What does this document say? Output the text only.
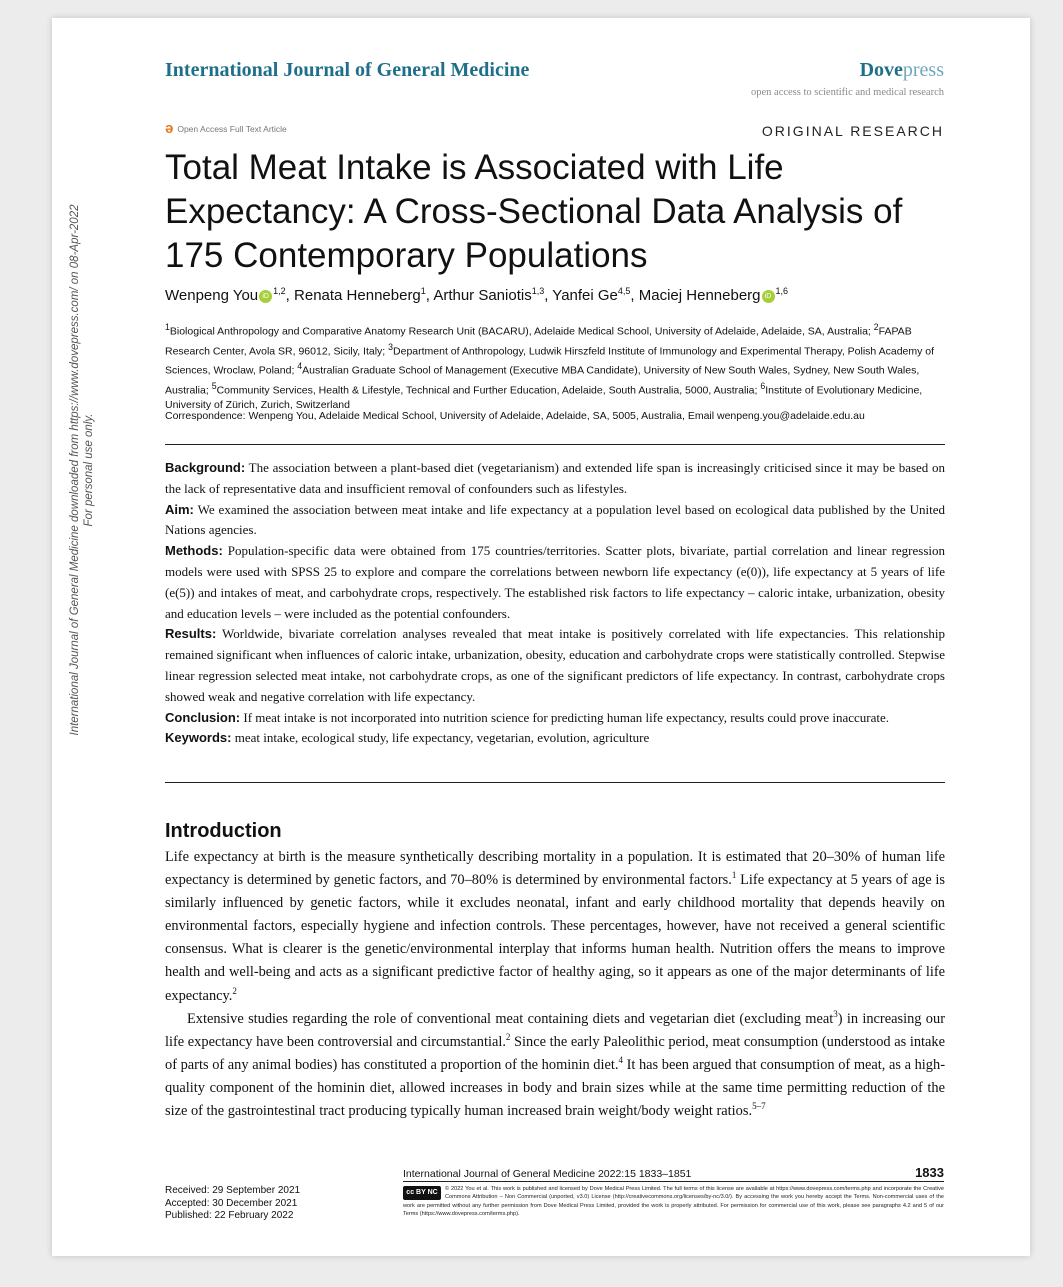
International Journal of General Medicine downloaded from https://www.dovepress.com/ on 08-Apr-2022 For personal use only.
International Journal of General Medicine	Dovepress
open access to scientific and medical research
ə Open Access Full Text Article	ORIGINAL RESEARCH
Total Meat Intake is Associated with Life Expectancy: A Cross-Sectional Data Analysis of 175 Contemporary Populations
Wenpeng You iD$^{1,2}$, Renata Henneberg$^1$, Arthur Saniotis$^{1,3}$, Yanfei Ge$^{4,5}$, Maciej Henneberg iD$^{1,6}$
$^1$Biological Anthropology and Comparative Anatomy Research Unit (BACARU), Adelaide Medical School, University of Adelaide, Adelaide, SA, Australia; $^2$FAPAB Research Center, Avola SR, 96012, Sicily, Italy; $^3$Department of Anthropology, Ludwik Hirszfeld Institute of Immunology and Experimental Therapy, Polish Academy of Sciences, Wroclaw, Poland; $^4$Australian Graduate School of Management (Executive MBA Candidate), University of New South Wales, Sydney, New South Wales, Australia; $^5$Community Services, Health & Lifestyle, Technical and Further Education, Adelaide, South Australia, 5000, Australia; $^6$Institute of Evolutionary Medicine, University of Zürich, Zurich, Switzerland
Correspondence: Wenpeng You, Adelaide Medical School, University of Adelaide, Adelaide, SA, 5005, Australia, Email wenpeng.you@adelaide.edu.au

Background: The association between a plant-based diet (vegetarianism) and extended life span is increasingly criticised since it may be based on the lack of representative data and insufficient removal of confounders such as lifestyles.

Aim: We examined the association between meat intake and life expectancy at a population level based on ecological data published by the United Nations agencies.

Methods: Population-specific data were obtained from 175 countries/territories. Scatter plots, bivariate, partial correlation and linear regression models were used with SPSS 25 to explore and compare the correlations between newborn life expectancy (e(0)), life expectancy at 5 years of life (e(5)) and intakes of meat, and carbohydrate crops, respectively. The established risk factors to life expectancy – caloric intake, urbanization, obesity and education levels – were included as the potential confounders.

Results: Worldwide, bivariate correlation analyses revealed that meat intake is positively correlated with life expectancies. This relationship remained significant when influences of caloric intake, urbanization, obesity, education and carbohydrate crops were statistically controlled. Stepwise linear regression selected meat intake, not carbohydrate crops, as one of the significant predictors of life expectancy. In contrast, carbohydrate crops showed weak and negative correlation with life expectancy.

Conclusion: If meat intake is not incorporated into nutrition science for predicting human life expectancy, results could prove inaccurate.

Keywords: meat intake, ecological study, life expectancy, vegetarian, evolution, agriculture

Introduction

Life expectancy at birth is the measure synthetically describing mortality in a population. It is estimated that 20–30% of human life expectancy is determined by genetic factors, and 70–80% is determined by environmental factors.$^1$ Life expectancy at 5 years of age is similarly influenced by genetic factors, while it excludes neonatal, infant and early childhood mortality that depends heavily on environmental factors, especially hygiene and infection controls. These percentages, however, have not received a general scientific consensus. What is clearer is the genetic/environmental interplay that informs human health. Nutrition offers the means to improve health and well-being and acts as a significant predictive factor of healthy aging, so it appears as one of the major determinants of life expectancy.$^2$

Extensive studies regarding the role of conventional meat containing diets and vegetarian diet (excluding meat$^3$) in increasing our life expectancy have been controversial and circumstantial.$^2$ Since the early Paleolithic period, meat consumption (understood as intake of parts of any animal bodies) has constituted a proportion of the hominin diet.$^4$ It has been argued that consumption of meat, as a high-quality component of the hominin diet, allowed increases in body and brain sizes while at the same time permitting reduction of the size of the gastrointestinal tract producing typically human increased brain weight/body weight ratios.$^{5-7}$

Received: 29 September 2021
Accepted: 30 December 2021
Published: 22 February 2022
International Journal of General Medicine 2022:15 1833–1851	1833
cc BY NC	© 2022 You et al. This work is published and licensed by Dove Medical Press Limited. The full terms of this license are available at https://www.dovepress.com/terms.php and incorporate the Creative Commons Attribution – Non Commercial (unported, v3.0) License (http://creativecommons.org/licenses/by-nc/3.0/). By accessing the work you hereby accept the Terms. Non-commercial uses of the work are permitted without any further permission from Dove Medical Press Limited, provided the work is properly attributed. For permission for commercial use of this work, please see paragraphs 4.2 and 5 of our Terms (https://www.dovepress.com/terms.php).
